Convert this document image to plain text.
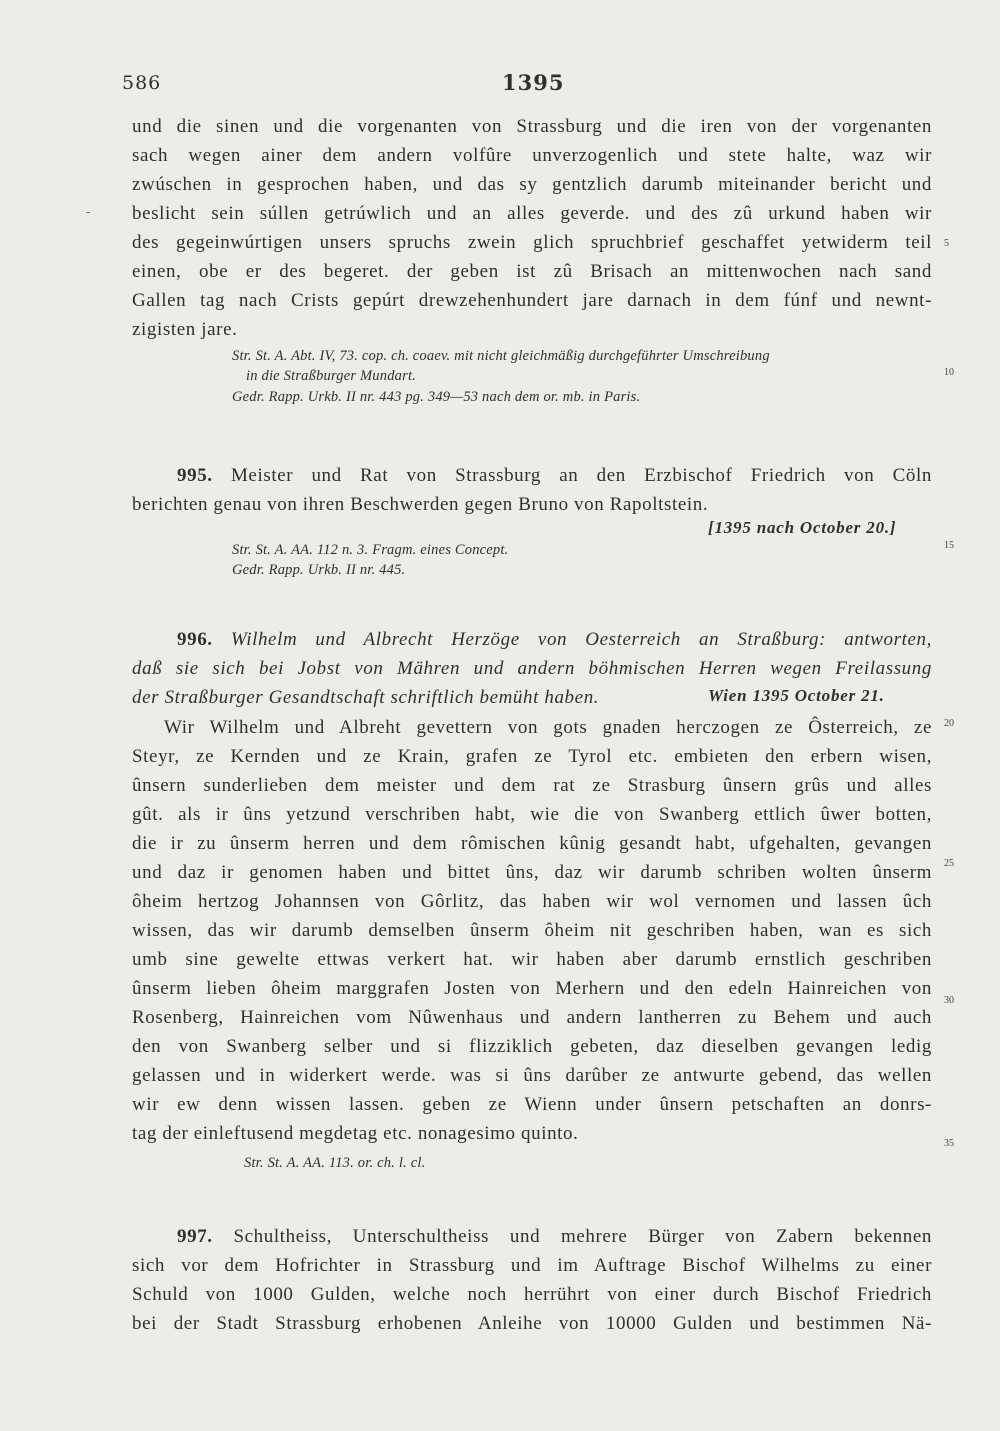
586	1395
-
5
10
15
20
25
30
35
und die sinen und die vorgenanten von Strassburg und die iren von der vorgenanten
sach wegen ainer dem andern volfûre unverzogenlich und stete halte, waz wir
zwúschen in gesprochen haben, und das sy gentzlich darumb miteinander bericht und
beslicht sein súllen getrúwlich und an alles geverde. und des zû urkund haben wir
des gegeinwúrtigen unsers spruchs zwein glich spruchbrief geschaffet yetwiderm teil
einen, obe er des begeret. der geben ist zû Brisach an mittenwochen nach sand
Gallen tag nach Crists gepúrt drewzehenhundert jare darnach in dem fúnf und newnt-
zigisten jare.
Str. St. A. Abt. IV, 73. cop. ch. coaev. mit nicht gleichmäßig durchgeführter Umschreibung
in die Straßburger Mundart.
Gedr. Rapp. Urkb. II nr. 443 pg. 349—53 nach dem or. mb. in Paris.
995. Meister und Rat von Strassburg an den Erzbischof Friedrich von Cöln
berichten genau von ihren Beschwerden gegen Bruno von Rapoltstein.
[1395 nach October 20.]
Str. St. A. AA. 112 n. 3. Fragm. eines Concept.
Gedr. Rapp. Urkb. II nr. 445.
996. Wilhelm und Albrecht Herzöge von Oesterreich an Straßburg: antworten,
daß sie sich bei Jobst von Mähren und andern böhmischen Herren wegen Freilassung
der Straßburger Gesandtschaft schriftlich bemüht haben.	Wien 1395 October 21.
Wir Wilhelm und Albreht gevettern von gots gnaden herczogen ze Ôsterreich, ze
Steyr, ze Kernden und ze Krain, grafen ze Tyrol etc. embieten den erbern wisen,
ûnsern sunderlieben dem meister und dem rat ze Strasburg ûnsern grûs und alles
gût. als ir ûns yetzund verschriben habt, wie die von Swanberg ettlich ûwer botten,
die ir zu ûnserm herren und dem rômischen kûnig gesandt habt, ufgehalten, gevangen
und daz ir genomen haben und bittet ûns, daz wir darumb schriben wolten ûnserm
ôheim hertzog Johannsen von Gôrlitz, das haben wir wol vernomen und lassen ûch
wissen, das wir darumb demselben ûnserm ôheim nit geschriben haben, wan es sich
umb sine gewelte ettwas verkert hat. wir haben aber darumb ernstlich geschriben
ûnserm lieben ôheim marggrafen Josten von Merhern und den edeln Hainreichen von
Rosenberg, Hainreichen vom Nûwenhaus und andern lantherren zu Behem und auch
den von Swanberg selber und si flizziklich gebeten, daz dieselben gevangen ledig
gelassen und in widerkert werde. was si ûns darûber ze antwurte gebend, das wellen
wir ew denn wissen lassen. geben ze Wienn under ûnsern petschaften an donrs-
tag der einleftusend megdetag etc. nonagesimo quinto.
Str. St. A. AA. 113. or. ch. l. cl.
997. Schultheiss, Unterschultheiss und mehrere Bürger von Zabern bekennen
sich vor dem Hofrichter in Strassburg und im Auftrage Bischof Wilhelms zu einer
Schuld von 1000 Gulden, welche noch herrührt von einer durch Bischof Friedrich
bei der Stadt Strassburg erhobenen Anleihe von 10000 Gulden und bestimmen Nä-
